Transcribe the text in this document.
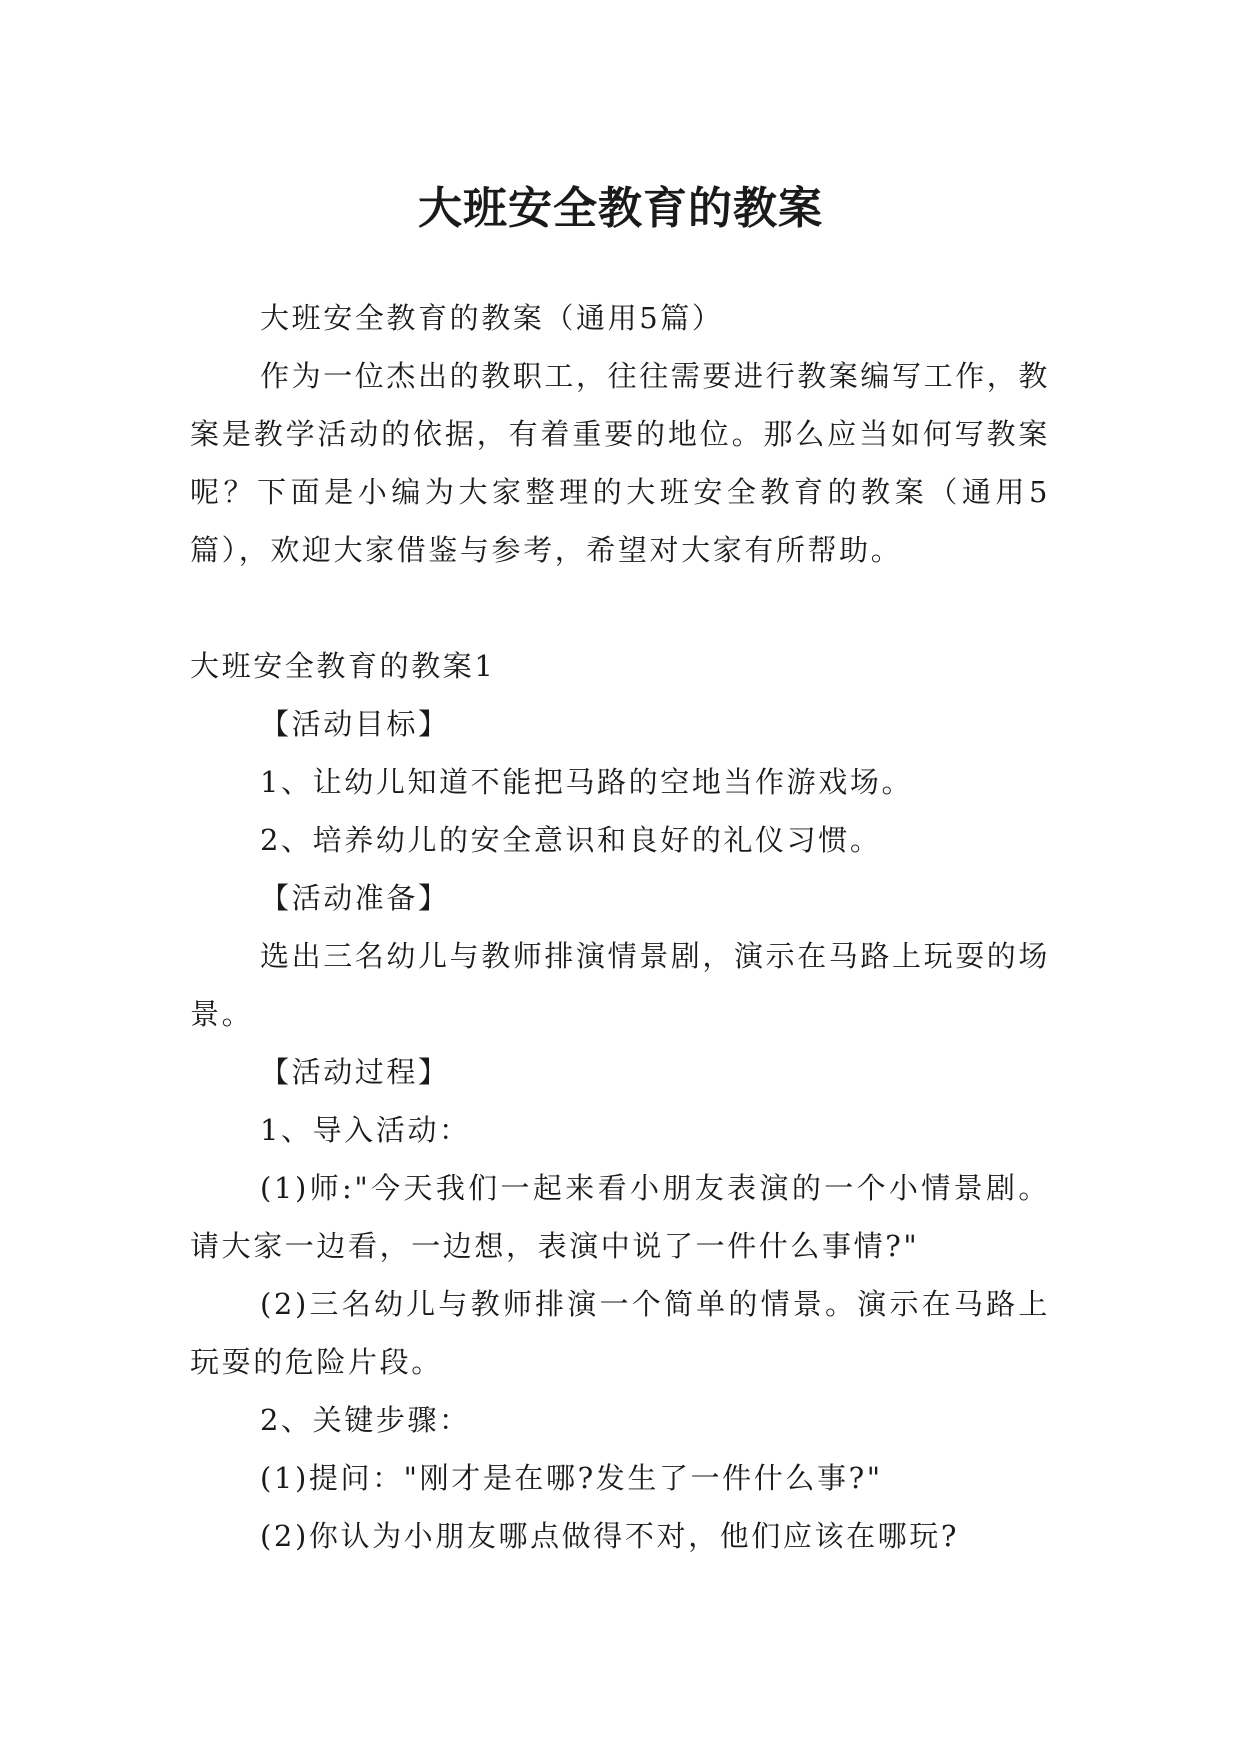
大班安全教育的教案

大班安全教育的教案（通用5篇）

作为一位杰出的教职工，往往需要进行教案编写工作，教案是教学活动的依据，有着重要的地位。那么应当如何写教案呢？下面是小编为大家整理的大班安全教育的教案（通用5篇），欢迎大家借鉴与参考，希望对大家有所帮助。

大班安全教育的教案1

【活动目标】

1、让幼儿知道不能把马路的空地当作游戏场。

2、培养幼儿的安全意识和良好的礼仪习惯。

【活动准备】

选出三名幼儿与教师排演情景剧，演示在马路上玩耍的场景。

【活动过程】

1、导入活动：

(1)师:"今天我们一起来看小朋友表演的一个小情景剧。请大家一边看，一边想，表演中说了一件什么事情?"

(2)三名幼儿与教师排演一个简单的情景。演示在马路上玩耍的危险片段。

2、关键步骤：

(1)提问："刚才是在哪?发生了一件什么事?"

(2)你认为小朋友哪点做得不对，他们应该在哪玩?
